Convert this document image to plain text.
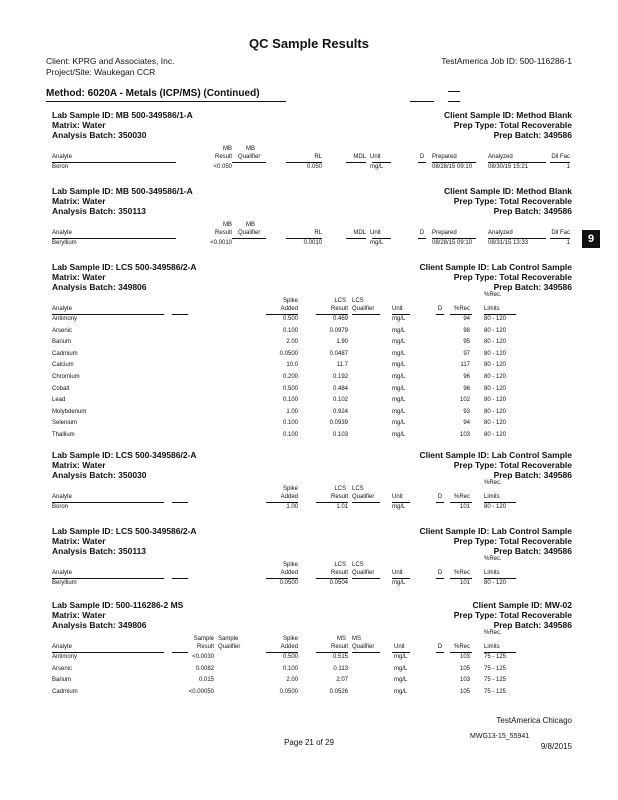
QC Sample Results
Client: KPRG and Associates, Inc.
Project/Site: Waukegan CCR
TestAmerica Job ID: 500-116286-1
Method: 6020A - Metals (ICP/MS) (Continued)
9
Lab Sample ID: MB 500-349586/1-A
Matrix: Water
Analysis Batch: 350030
Client Sample ID: Method Blank
Prep Type: Total Recoverable
Prep Batch: 349586
MB MB
Analyte	Result Qualifier	RL	MDL Unit	D	Prepared	Analyzed	Dil Fac
Boron	<0.050	0.050	mg/L	08/28/15 09:10	08/30/15 15:21	1
Lab Sample ID: MB 500-349586/1-A
Matrix: Water
Analysis Batch: 350113
Client Sample ID: Method Blank
Prep Type: Total Recoverable
Prep Batch: 349586
MB MB
Analyte	Result Qualifier	RL	MDL Unit	D	Prepared	Analyzed	Dil Fac
Beryllium	<0.0010	0.0010	mg/L	08/28/15 09:10	08/31/15 13:33	1
Lab Sample ID: LCS 500-349586/2-A
Matrix: Water
Analysis Batch: 349806
Client Sample ID: Lab Control Sample
Prep Type: Total Recoverable
Prep Batch: 349586
%Rec.
Spike	LCS LCS
Analyte	Added	Result Qualifier	Unit	D	%Rec Limits
Antimony	0.500	0.469	mg/L	94 80 - 120
Arsenic	0.100	0.0979	mg/L	98 80 - 120
Barium	2.00	1.90	mg/L	95 80 - 120
Cadmium	0.0500	0.0487	mg/L	97 80 - 120
Calcium	10.0	11.7	mg/L	117 80 - 120
Chromium	0.200	0.192	mg/L	96 80 - 120
Cobalt	0.500	0.484	mg/L	96 80 - 120
Lead	0.100	0.102	mg/L	102 80 - 120
Molybdenum	1.00	0.924	mg/L	93 80 - 120
Selenium	0.100	0.0939	mg/L	94 80 - 120
Thallium	0.100	0.103	mg/L	103 80 - 120
Lab Sample ID: LCS 500-349586/2-A
Matrix: Water
Analysis Batch: 350030
Client Sample ID: Lab Control Sample
Prep Type: Total Recoverable
Prep Batch: 349586
%Rec.
Spike	LCS LCS
Analyte	Added	Result Qualifier	Unit	D	%Rec Limits
Boron	1.00	1.01	mg/L	101 80 - 120
Lab Sample ID: LCS 500-349586/2-A
Matrix: Water
Analysis Batch: 350113
Client Sample ID: Lab Control Sample
Prep Type: Total Recoverable
Prep Batch: 349586
%Rec.
Spike	LCS LCS
Analyte	Added	Result Qualifier	Unit	D	%Rec Limits
Beryllium	0.0500	0.0504	mg/L	101 80 - 120
Lab Sample ID: 500-116286-2 MS
Matrix: Water
Analysis Batch: 349806
Client Sample ID: MW-02
Prep Type: Total Recoverable
Prep Batch: 349586
%Rec.
Sample Sample	Spike	MS MS
Analyte	Result Qualifier	Added	Result Qualifier	Unit	D	%Rec Limits
Antimony	<0.0030	0.500	0.515	mg/L	103 75 - 125
Arsenic	0.0082	0.100	0.113	mg/L	105 75 - 125
Barium	0.015	2.00	2.07	mg/L	103 75 - 125
Cadmium	<0.00050	0.0500	0.0526	mg/L	105 75 - 125
TestAmerica Chicago
Page 21 of 29
MWG13-15_55941
9/8/2015
